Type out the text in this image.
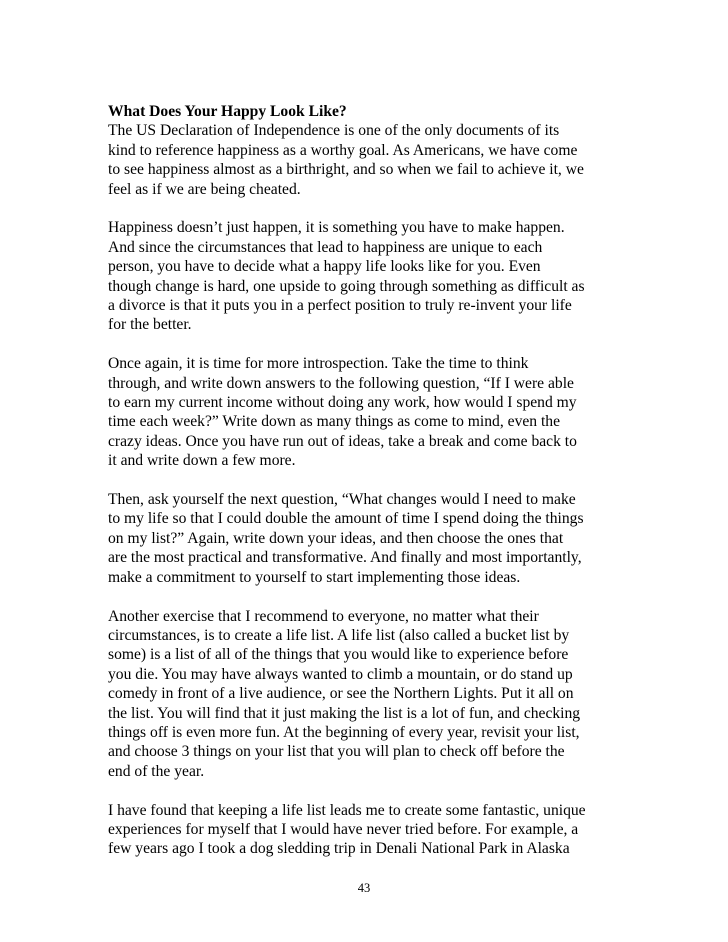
What Does Your Happy Look Like?
The US Declaration of Independence is one of the only documents of its
kind to reference happiness as a worthy goal. As Americans, we have come
to see happiness almost as a birthright, and so when we fail to achieve it, we
feel as if we are being cheated.
Happiness doesn’t just happen, it is something you have to make happen.
And since the circumstances that lead to happiness are unique to each
person, you have to decide what a happy life looks like for you. Even
though change is hard, one upside to going through something as difficult as
a divorce is that it puts you in a perfect position to truly re-invent your life
for the better.
Once again, it is time for more introspection. Take the time to think
through, and write down answers to the following question, “If I were able
to earn my current income without doing any work, how would I spend my
time each week?” Write down as many things as come to mind, even the
crazy ideas. Once you have run out of ideas, take a break and come back to
it and write down a few more.
Then, ask yourself the next question, “What changes would I need to make
to my life so that I could double the amount of time I spend doing the things
on my list?” Again, write down your ideas, and then choose the ones that
are the most practical and transformative. And finally and most importantly,
make a commitment to yourself to start implementing those ideas.
Another exercise that I recommend to everyone, no matter what their
circumstances, is to create a life list. A life list (also called a bucket list by
some) is a list of all of the things that you would like to experience before
you die. You may have always wanted to climb a mountain, or do stand up
comedy in front of a live audience, or see the Northern Lights. Put it all on
the list. You will find that it just making the list is a lot of fun, and checking
things off is even more fun. At the beginning of every year, revisit your list,
and choose 3 things on your list that you will plan to check off before the
end of the year.
I have found that keeping a life list leads me to create some fantastic, unique
experiences for myself that I would have never tried before. For example, a
few years ago I took a dog sledding trip in Denali National Park in Alaska
43
